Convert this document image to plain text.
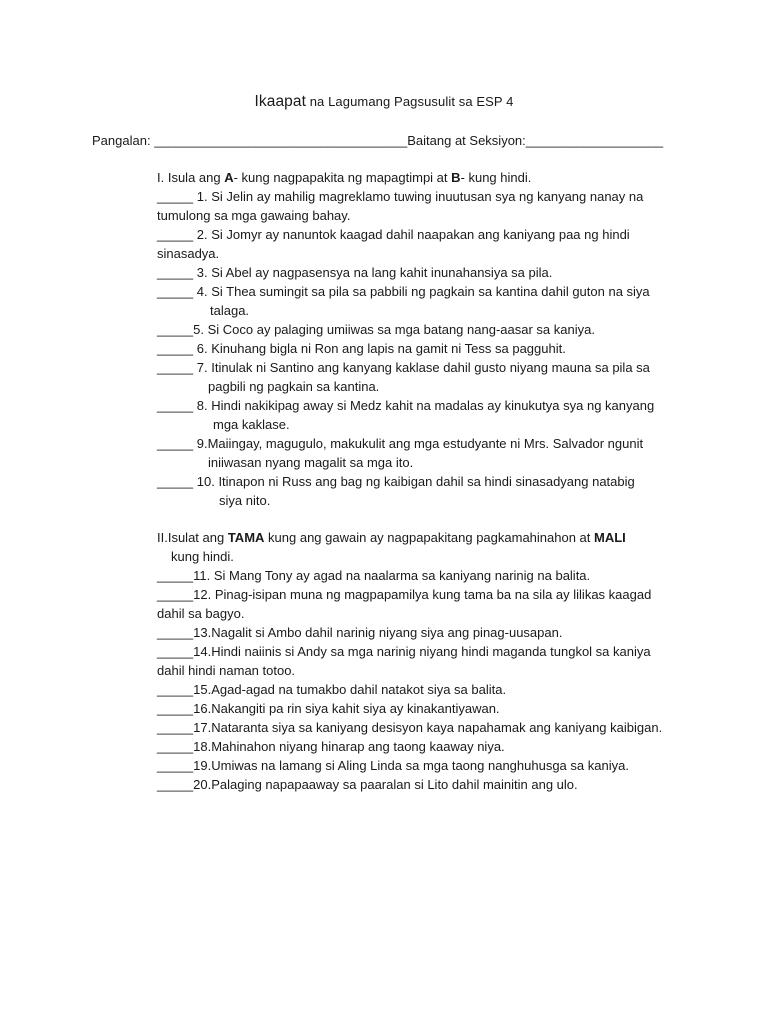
Ikaapat na Lagumang Pagsusulit sa ESP 4
Pangalan: ___________________________________Baitang at Seksiyon:___________________
I. Isula ang A- kung nagpapakita ng mapagtimpi at B- kung hindi.
_____ 1. Si Jelin ay mahilig magreklamo tuwing inuutusan sya ng kanyang nanay na
tumulong sa mga gawaing bahay.
_____ 2. Si Jomyr ay nanuntok kaagad dahil naapakan ang kaniyang paa ng hindi
sinasadya.
_____ 3. Si Abel ay nagpasensya na lang kahit inunahansiya sa pila.
_____ 4. Si Thea sumingit sa pila sa pabbili ng pagkain sa kantina dahil guton na siya
talaga.
_____5. Si Coco ay palaging umiiwas sa mga batang nang-aasar sa kaniya.
_____ 6. Kinuhang bigla ni Ron ang lapis na gamit ni Tess sa pagguhit.
_____ 7. Itinulak ni Santino ang kanyang kaklase dahil gusto niyang mauna sa pila sa
pagbili ng pagkain sa kantina.
_____ 8. Hindi nakikipag away si Medz kahit na madalas ay kinukutya sya ng kanyang
mga kaklase.
_____ 9.Maiingay, magugulo, makukulit ang mga estudyante ni Mrs. Salvador ngunit
iniiwasan nyang magalit sa mga ito.
_____ 10. Itinapon ni Russ ang bag ng kaibigan dahil sa hindi sinasadyang natabig
siya nito.
II.Isulat ang TAMA kung ang gawain ay nagpapakitang pagkamahinahon at MALI
kung hindi.
_____11. Si Mang Tony ay agad na naalarma sa kaniyang narinig na balita.
_____12. Pinag-isipan muna ng magpapamilya kung tama ba na sila ay lilikas kaagad
dahil sa bagyo.
_____13.Nagalit si Ambo dahil narinig niyang siya ang pinag-uusapan.
_____14.Hindi naiinis si Andy sa mga narinig niyang hindi maganda tungkol sa kaniya
dahil hindi naman totoo.
_____15.Agad-agad na tumakbo dahil natakot siya sa balita.
_____16.Nakangiti pa rin siya kahit siya ay kinakantiyawan.
_____17.Nataranta siya sa kaniyang desisyon kaya napahamak ang kaniyang kaibigan.
_____18.Mahinahon niyang hinarap ang taong kaaway niya.
_____19.Umiwas na lamang si Aling Linda sa mga taong nanghuhusga sa kaniya.
_____20.Palaging napapaaway sa paaralan si Lito dahil mainitin ang ulo.
